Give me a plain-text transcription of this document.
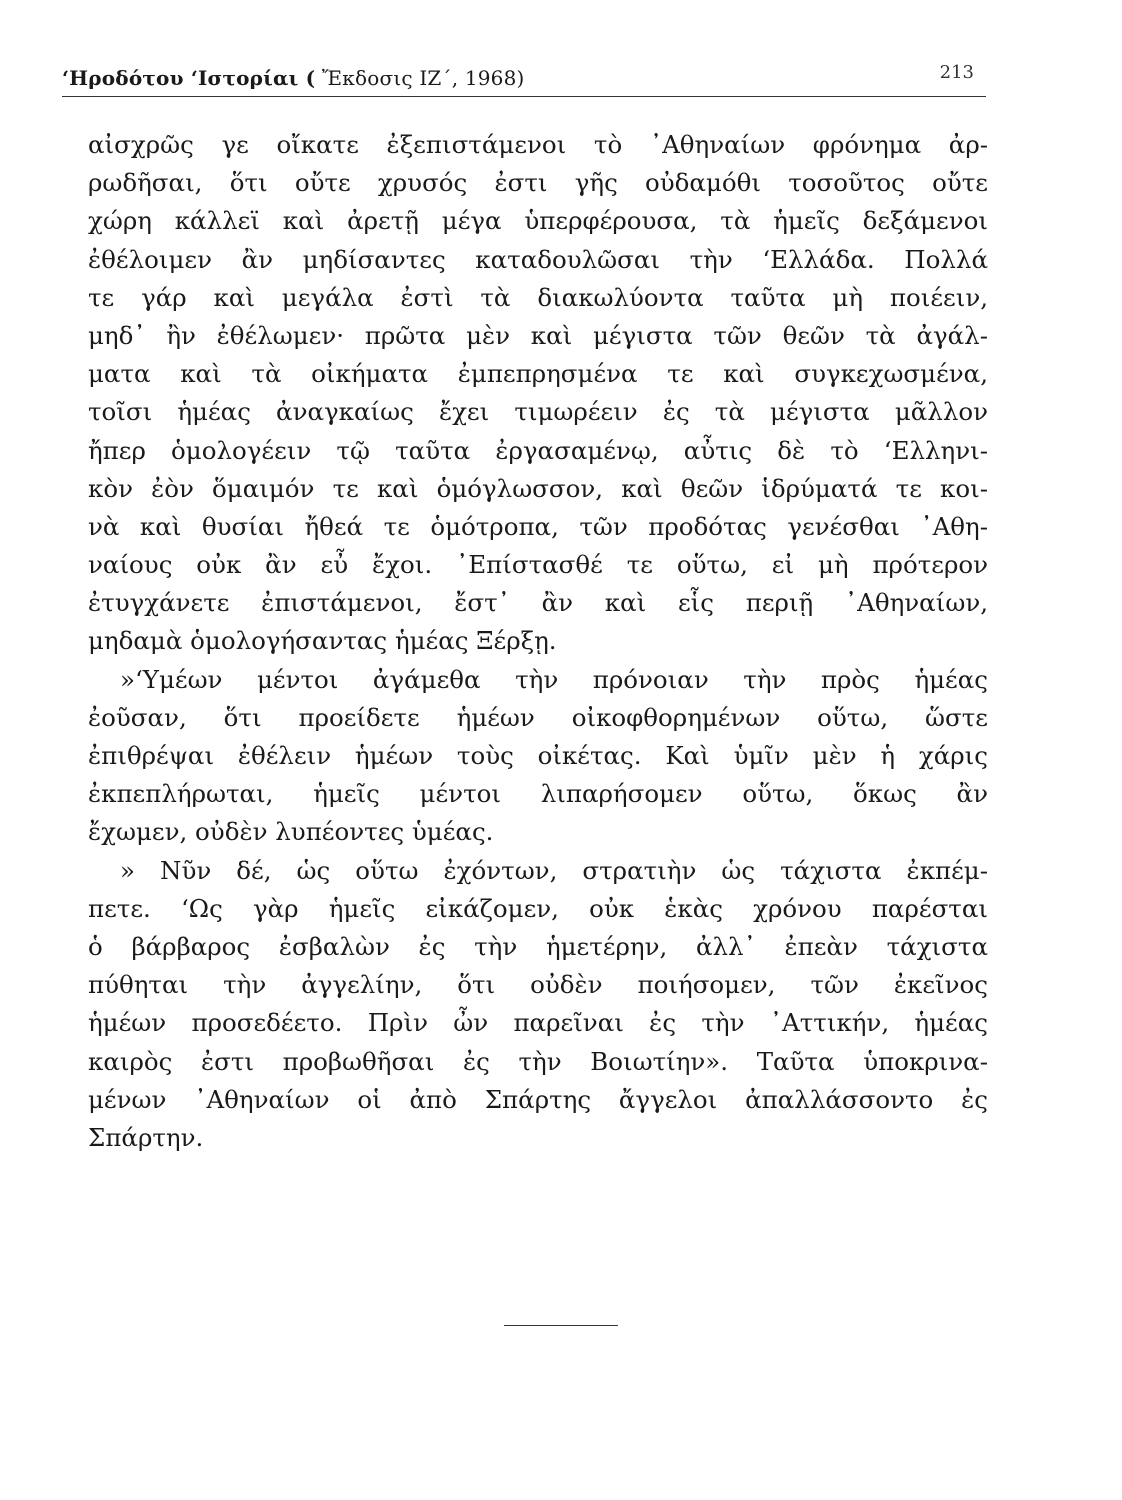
‘Ηροδότου ‘Ιστορίαι ( Ἔκδοσις ΙΖ΄, 1968)	213
αἰσχρῶς γε οἴκατε ἐξεπιστάμενοι τὸ ᾿Αθηναίων φρόνημα ἀρ-
ρωδῆσαι, ὅτι οὔτε χρυσός ἐστι γῆς οὐδαμόθι τοσοῦτος οὔτε
χώρη κάλλεϊ καὶ ἀρετῇ μέγα ὑπερφέρουσα, τὰ ἡμεῖς δεξάμενοι
ἐθέλοιμεν ἂν μηδίσαντες καταδουλῶσαι τὴν ‘Ελλάδα. Πολλά
τε γάρ καὶ μεγάλα ἐστὶ τὰ διακωλύοντα ταῦτα μὴ ποιέειν,
μηδ᾿ ἢν ἐθέλωμεν· πρῶτα μὲν καὶ μέγιστα τῶν θεῶν τὰ ἀγάλ-
ματα καὶ τὰ οἰκήματα ἐμπεπρησμένα τε καὶ συγκεχωσμένα,
τοῖσι ἡμέας ἀναγκαίως ἔχει τιμωρέειν ἐς τὰ μέγιστα μᾶλλον
ἤπερ ὁμολογέειν τῷ ταῦτα ἐργασαμένῳ, αὖτις δὲ τὸ ‘Ελληνι-
κὸν ἐὸν ὅμαιμόν τε καὶ ὁμόγλωσσον, καὶ θεῶν ἱδρύματά τε κοι-
νὰ καὶ θυσίαι ἤθεά τε ὁμότροπα, τῶν προδότας γενέσθαι ᾿Αθη-
ναίους οὐκ ἂν εὖ ἔχοι. ᾿Επίστασθέ τε οὕτω, εἰ μὴ πρότερον
ἐτυγχάνετε ἐπιστάμενοι, ἔστ᾿ ἂν καὶ εἷς περιῇ ᾿Αθηναίων,
μηδαμὰ ὁμολογήσαντας ἡμέας Ξέρξῃ.
»‘Υμέων μέντοι ἀγάμεθα τὴν πρόνοιαν τὴν πρὸς ἡμέας
ἐοῦσαν, ὅτι προείδετε ἡμέων οἰκοφθορημένων οὕτω, ὥστε
ἐπιθρέψαι ἐθέλειν ἡμέων τοὺς οἰκέτας. Καὶ ὑμῖν μὲν ἡ χάρις
ἐκπεπλήρωται, ἡμεῖς μέντοι λιπαρήσομεν οὕτω, ὅκως ἂν
ἔχωμεν, οὐδὲν λυπέοντες ὑμέας.
» Νῦν δέ, ὡς οὕτω ἐχόντων, στρατιὴν ὡς τάχιστα ἐκπέμ-
πετε. ‘Ως γὰρ ἡμεῖς εἰκάζομεν, οὐκ ἑκὰς χρόνου παρέσται
ὁ βάρβαρος ἐσβαλὼν ἐς τὴν ἡμετέρην, ἀλλ᾿ ἐπεὰν τάχιστα
πύθηται τὴν ἀγγελίην, ὅτι οὐδὲν ποιήσομεν, τῶν ἐκεῖνος
ἡμέων προσεδέετο. Πρὶν ὦν παρεῖναι ἐς τὴν ᾿Αττικήν, ἡμέας
καιρὸς ἐστι προβωθῆσαι ἐς τὴν Βοιωτίην». Ταῦτα ὑποκρινα-
μένων ᾿Αθηναίων οἱ ἀπὸ Σπάρτης ἄγγελοι ἀπαλλάσσοντο ἐς
Σπάρτην.
